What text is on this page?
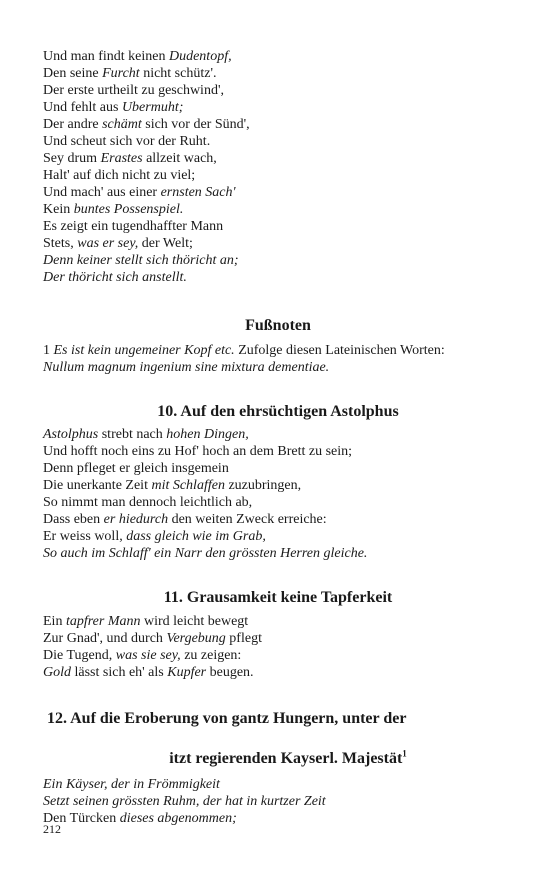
Und man findt keinen Dudentopf,
Den seine Furcht nicht schütz'.
Der erste urtheilt zu geschwind',
Und fehlt aus Ubermuht;
Der andre schämt sich vor der Sünd',
Und scheut sich vor der Ruht.
Sey drum Erastes allzeit wach,
Halt' auf dich nicht zu viel;
Und mach' aus einer ernsten Sach'
Kein buntes Possenspiel.
Es zeigt ein tugendhaffter Mann
Stets, was er sey, der Welt;
Denn keiner stellt sich thöricht an;
Der thöricht sich anstellt.
Fußnoten
1 Es ist kein ungemeiner Kopf etc. Zufolge diesen Lateinischen Worten:
Nullum magnum ingenium sine mixtura dementiae.
10. Auf den ehrsüchtigen Astolphus
Astolphus strebt nach hohen Dingen,
Und hofft noch eins zu Hof' hoch an dem Brett zu sein;
Denn pfleget er gleich insgemein
Die unerkante Zeit mit Schlaffen zuzubringen,
So nimmt man dennoch leichtlich ab,
Dass eben er hiedurch den weiten Zweck erreiche:
Er weiss woll, dass gleich wie im Grab,
So auch im Schlaff' ein Narr den grössten Herren gleiche.
11. Grausamkeit keine Tapferkeit
Ein tapfrer Mann wird leicht bewegt
Zur Gnad', und durch Vergebung pflegt
Die Tugend, was sie sey, zu zeigen:
Gold lässt sich eh' als Kupfer beugen.
12. Auf die Eroberung von gantz Hungern, unter der
itzt regierenden Kayserl. Majestät$^1$
Ein Käyser, der in Frömmigkeit
Setzt seinen grössten Ruhm, der hat in kurtzer Zeit
Den Türcken dieses abgenommen;
212
